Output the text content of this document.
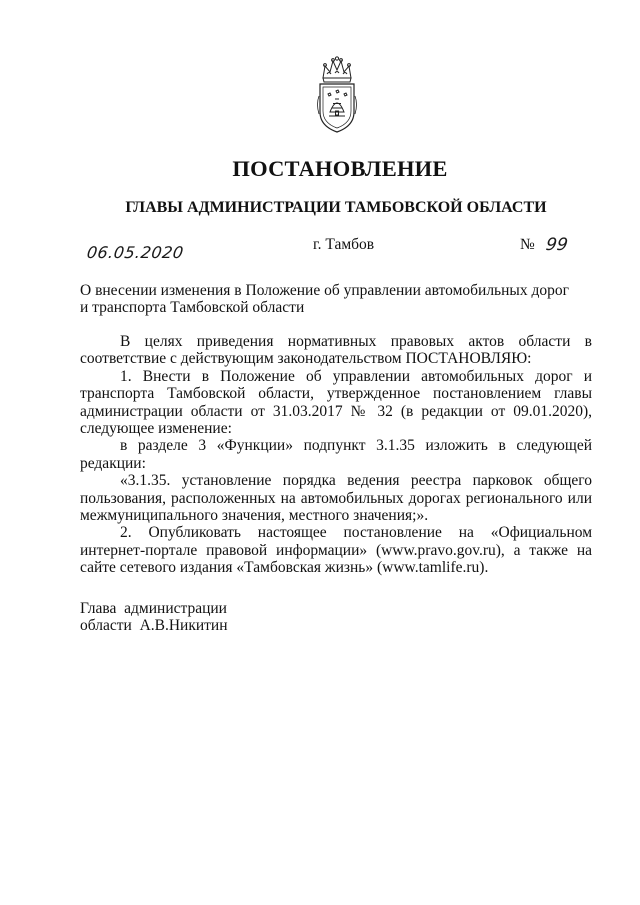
ПОСТАНОВЛЕНИЕ
ГЛАВЫ АДМИНИСТРАЦИИ ТАМБОВСКОЙ ОБЛАСТИ
06.05.2020	г. Тамбов	№ 99
О внесении изменения в Положение об управлении автомобильных дорог
и транспорта Тамбовской области

В целях приведения нормативных правовых актов области в соответствие с действующим законодательством ПОСТАНОВЛЯЮ:

1. Внести в Положение об управлении автомобильных дорог и транспорта Тамбовской области, утвержденное постановлением главы администрации области от 31.03.2017 № 32 (в редакции от 09.01.2020), следующее изменение:

в разделе 3 «Функции» подпункт 3.1.35 изложить в следующей редакции:

«3.1.35. установление порядка ведения реестра парковок общего пользования, расположенных на автомобильных дорогах регионального или межмуниципального значения, местного значения;».

2. Опубликовать настоящее постановление на «Официальном интернет-портале правовой информации» (www.pravo.gov.ru), а также на сайте сетевого издания «Тамбовская жизнь» (www.tamlife.ru).

Глава  администрации
области  А.В.Никитин
